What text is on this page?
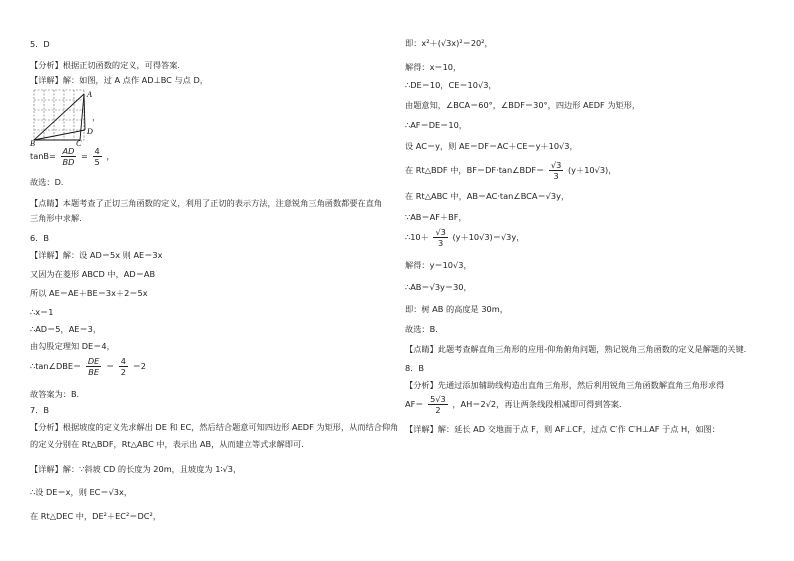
5．D
【分析】根据正切函数的定义，可得答案.
【详解】解：如图，过 A 点作 AD⊥BC 与点 D，
A
B	C
D
，
$\tan B= \frac{AD}{BD} = \frac{4}{5}$ ，
故选：D.
【点睛】本题考查了正切三角函数的定义，利用了正切的表示方法，注意锐角三角函数都要在直角
三角形中求解.
6．B
【详解】解：设 AD＝5x 则 AE＝3x
又因为在菱形 ABCD 中，AD＝AB
所以 AE＝AE＋BE＝3x＋2＝5x
∴x＝1
∴AD＝5，AE＝3，
由勾股定理知 DE＝4，
∴tan∠DBE＝ $\frac{DE}{BE} = \frac{4}{2} =2$
故答案为：B.
7．B
【分析】根据坡度的定义先求解出 DE 和 EC，然后结合题意可知四边形 AEDF 为矩形，从而结合仰角
的定义分别在 Rt△BDF，Rt△ABC 中，表示出 AB，从而建立等式求解即可.
【详解】解：∵斜坡 CD 的长度为 20m，且坡度为 1∶√3，
∴设 DE＝x，则 EC＝√3x，
在 Rt△DEC 中，DE²＋EC²＝DC²，
即：x²＋(√3x)²＝20²，
解得：x＝10，
∴DE＝10，CE＝10√3，
由题意知，∠BCA＝60°，∠BDF＝30°，四边形 AEDF 为矩形，
∴AF＝DE＝10，
设 AC＝y，则 AE＝DF＝AC＋CE＝y＋10√3，
在 Rt△BDF 中，BF＝DF·tan∠BDF＝ $\frac{√3}{3} (y+10√3)$，
在 Rt△ABC 中，AB＝AC·tan∠BCA＝√3y，
∵AB＝AF＋BF，
∴10＋ $\frac{√3}{3} (y+10√3)=√3y$，
解得：y＝10√3，
∴AB＝√3y＝30，
即：树 AB 的高度是 30m，
故选：B.
【点睛】此题考查解直角三角形的应用-仰角俯角问题，熟记锐角三角函数的定义是解题的关键.
8．B
【分析】先通过添加辅助线构造出直角三角形，然后利用锐角三角函数解直角三角形求得
$AF= \frac{5√3}{2}$ ，AH＝2√2，再让两条线段相减即可得到答案.
【详解】解：延长 AD 交地面于点 F，则 AF⊥CF，过点 C′作 C′H⊥AF 于点 H，如图：
